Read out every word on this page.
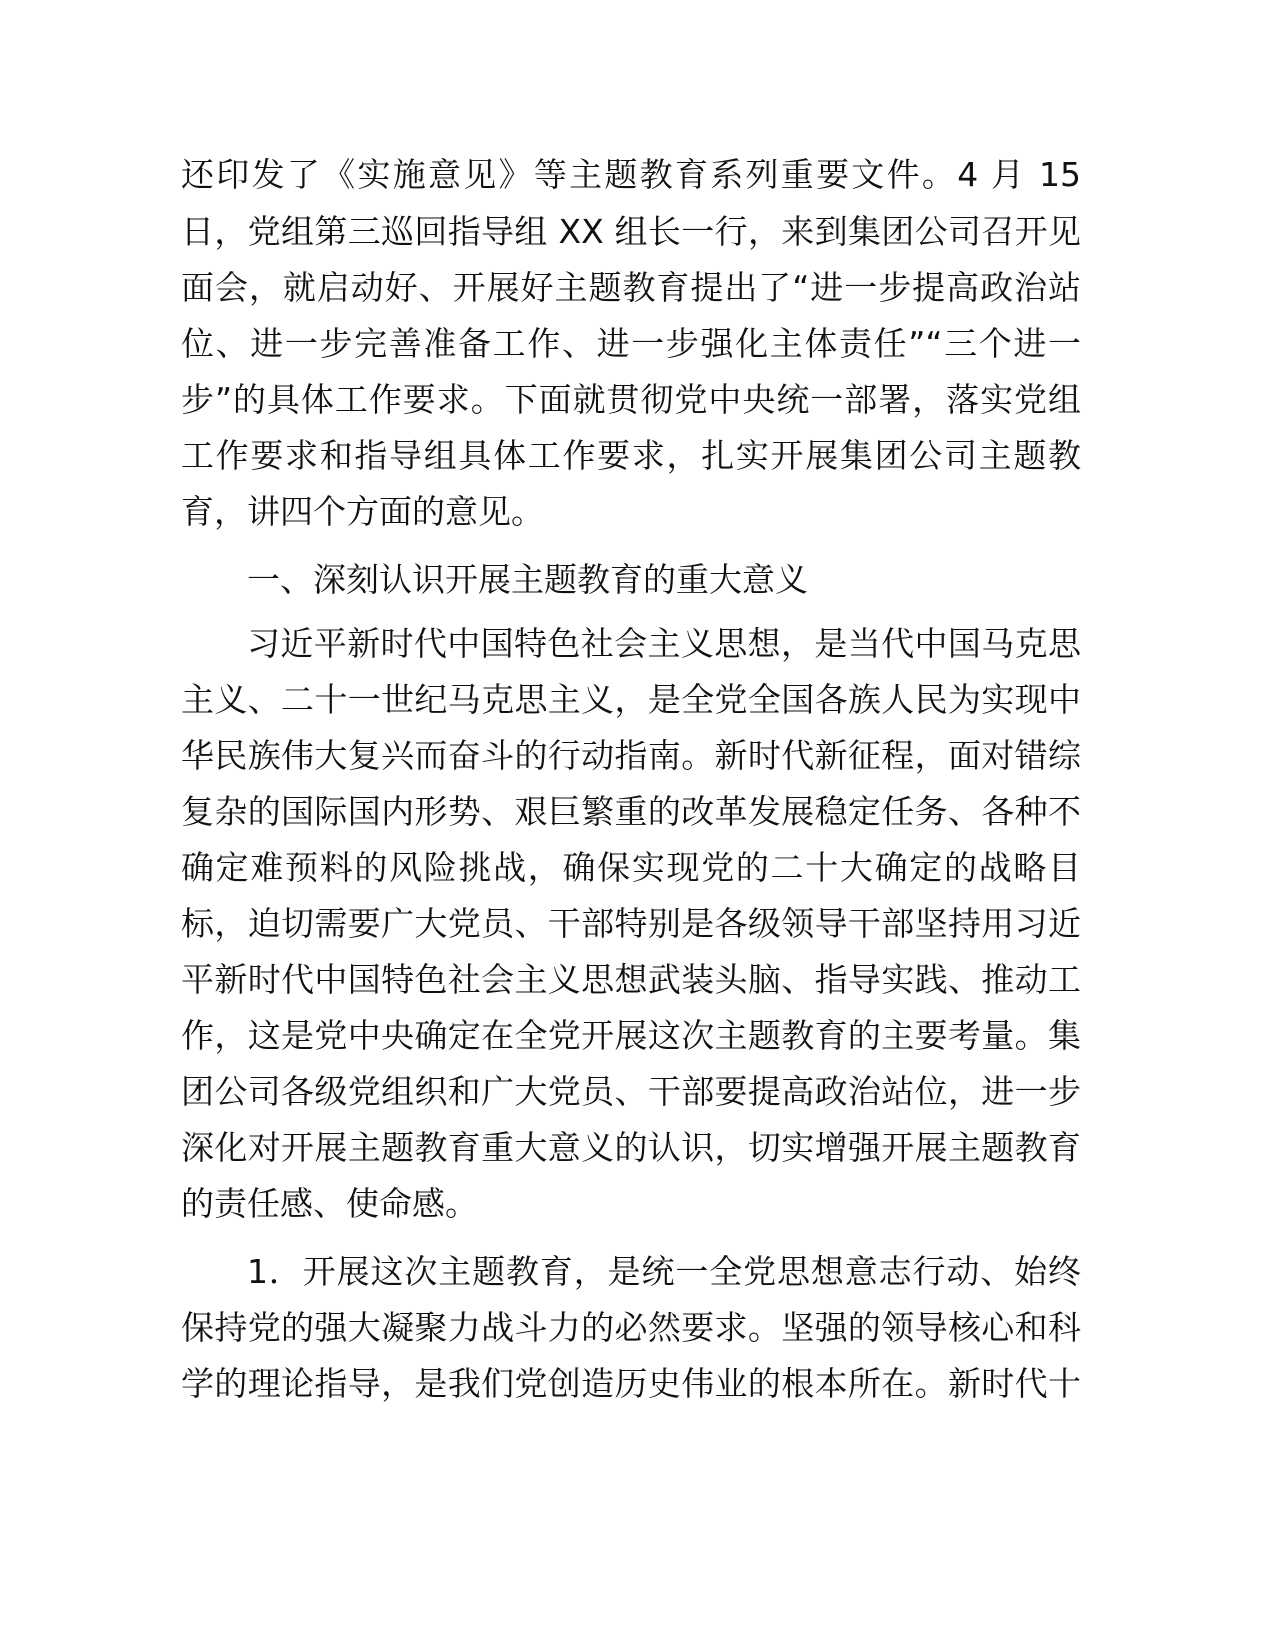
还印发了《实施意见》等主题教育系列重要文件。4 月 15
日，党组第三巡回指导组 XX 组长一行，来到集团公司召开见
面会，就启动好、开展好主题教育提出了“进一步提高政治站
位、进一步完善准备工作、进一步强化主体责任”“三个进一
步”的具体工作要求。下面就贯彻党中央统一部署，落实党组
工作要求和指导组具体工作要求，扎实开展集团公司主题教
育，讲四个方面的意见。
一、深刻认识开展主题教育的重大意义
习近平新时代中国特色社会主义思想，是当代中国马克思
主义、二十一世纪马克思主义，是全党全国各族人民为实现中
华民族伟大复兴而奋斗的行动指南。新时代新征程，面对错综
复杂的国际国内形势、艰巨繁重的改革发展稳定任务、各种不
确定难预料的风险挑战，确保实现党的二十大确定的战略目
标，迫切需要广大党员、干部特别是各级领导干部坚持用习近
平新时代中国特色社会主义思想武装头脑、指导实践、推动工
作，这是党中央确定在全党开展这次主题教育的主要考量。集
团公司各级党组织和广大党员、干部要提高政治站位，进一步
深化对开展主题教育重大意义的认识，切实增强开展主题教育
的责任感、使命感。
1．开展这次主题教育，是统一全党思想意志行动、始终
保持党的强大凝聚力战斗力的必然要求。坚强的领导核心和科
学的理论指导，是我们党创造历史伟业的根本所在。新时代十
